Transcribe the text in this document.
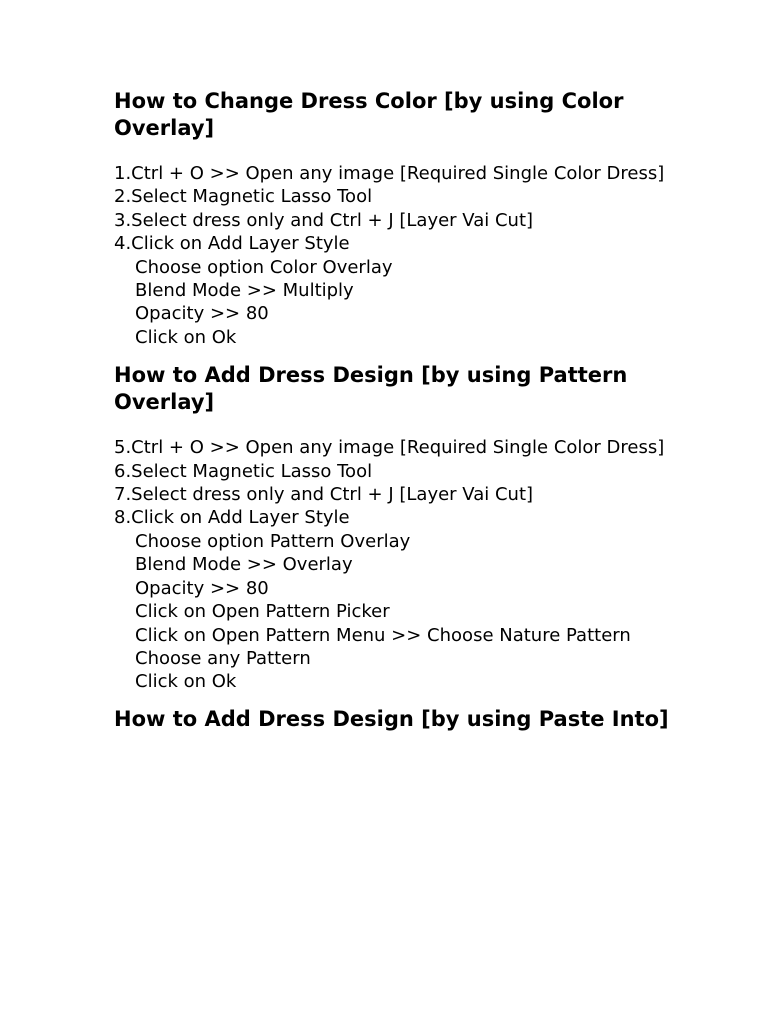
How to Change Dress Color [by using Color Overlay]
1.Ctrl + O >> Open any image [Required Single Color Dress]
2.Select Magnetic Lasso Tool
3.Select dress only and Ctrl + J [Layer Vai Cut]
4.Click on Add Layer Style
Choose option Color Overlay
Blend Mode >> Multiply
Opacity >> 80
Click on Ok
How to Add Dress Design [by using Pattern Overlay]
5.Ctrl + O >> Open any image [Required Single Color Dress]
6.Select Magnetic Lasso Tool
7.Select dress only and Ctrl + J [Layer Vai Cut]
8.Click on Add Layer Style
Choose option Pattern Overlay
Blend Mode >> Overlay
Opacity >> 80
Click on Open Pattern Picker
Click on Open Pattern Menu >> Choose Nature Pattern
Choose any Pattern
Click on Ok
How to Add Dress Design [by using Paste Into]
